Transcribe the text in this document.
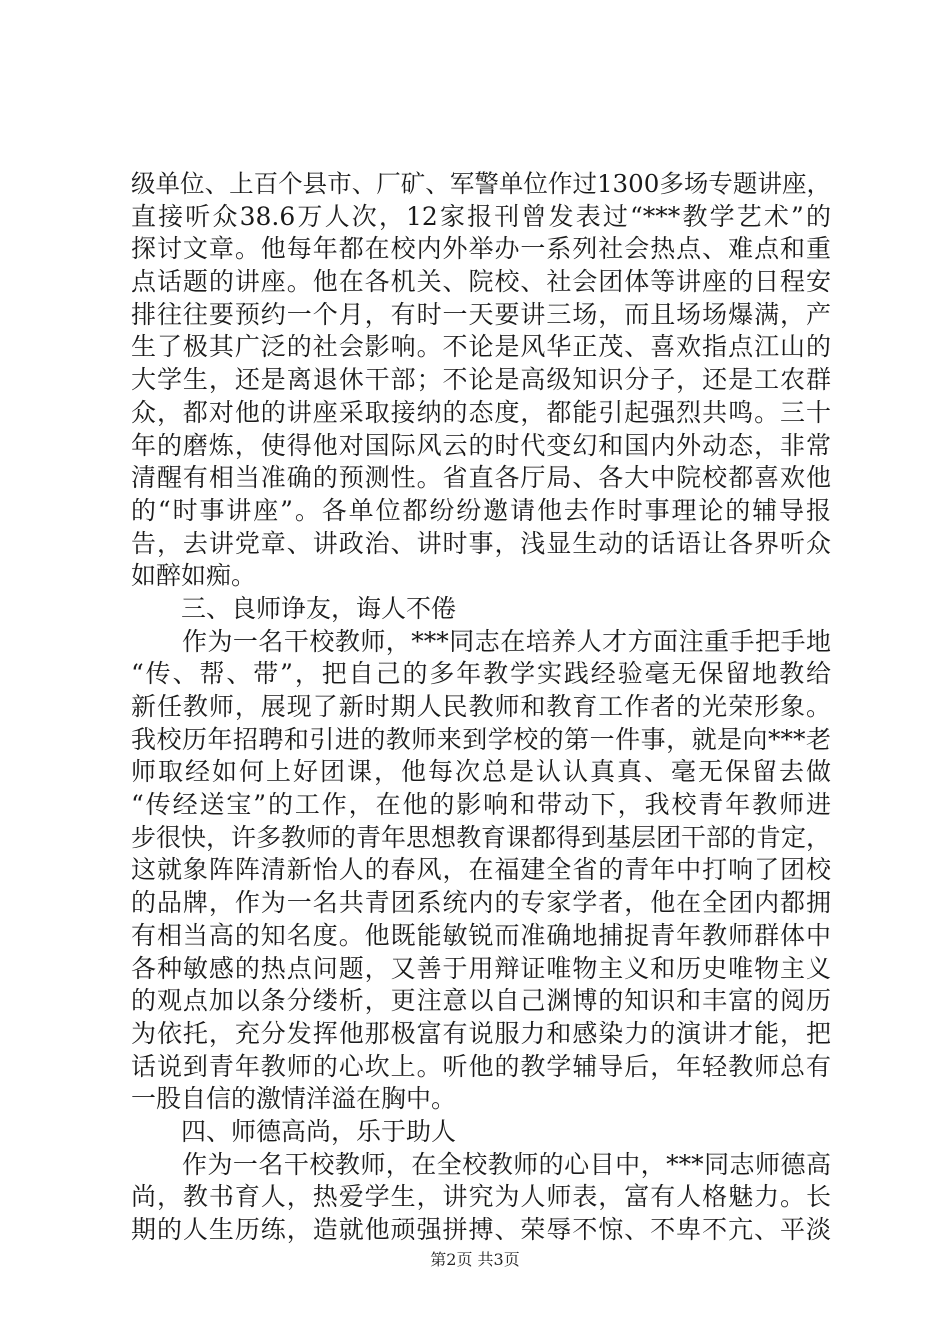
级单位、上百个县市、厂矿、军警单位作过1300多场专题讲座，
直接听众38.6万人次，12家报刊曾发表过“***教学艺术”的
探讨文章。他每年都在校内外举办一系列社会热点、难点和重
点话题的讲座。他在各机关、院校、社会团体等讲座的日程安
排往往要预约一个月，有时一天要讲三场，而且场场爆满，产
生了极其广泛的社会影响。不论是风华正茂、喜欢指点江山的
大学生，还是离退休干部；不论是高级知识分子，还是工农群
众，都对他的讲座采取接纳的态度，都能引起强烈共鸣。三十
年的磨炼，使得他对国际风云的时代变幻和国内外动态，非常
清醒有相当准确的预测性。省直各厅局、各大中院校都喜欢他
的“时事讲座”。各单位都纷纷邀请他去作时事理论的辅导报
告，去讲党章、讲政治、讲时事，浅显生动的话语让各界听众
如醉如痴。
三、良师诤友，诲人不倦
　　作为一名干校教师，***同志在培养人才方面注重手把手地
“传、帮、带”，把自己的多年教学实践经验毫无保留地教给
新任教师，展现了新时期人民教师和教育工作者的光荣形象。
我校历年招聘和引进的教师来到学校的第一件事，就是向***老
师取经如何上好团课，他每次总是认认真真、毫无保留去做
“传经送宝”的工作，在他的影响和带动下，我校青年教师进
步很快，许多教师的青年思想教育课都得到基层团干部的肯定，
这就象阵阵清新怡人的春风，在福建全省的青年中打响了团校
的品牌，作为一名共青团系统内的专家学者，他在全团内都拥
有相当高的知名度。他既能敏锐而准确地捕捉青年教师群体中
各种敏感的热点问题，又善于用辩证唯物主义和历史唯物主义
的观点加以条分缕析，更注意以自己渊博的知识和丰富的阅历
为依托，充分发挥他那极富有说服力和感染力的演讲才能，把
话说到青年教师的心坎上。听他的教学辅导后，年轻教师总有
一股自信的激情洋溢在胸中。
四、师德高尚，乐于助人
　　作为一名干校教师，在全校教师的心目中，***同志师德高
尚，教书育人，热爱学生，讲究为人师表，富有人格魅力。长
期的人生历练，造就他顽强拼搏、荣辱不惊、不卑不亢、平淡
第2页 共3页
